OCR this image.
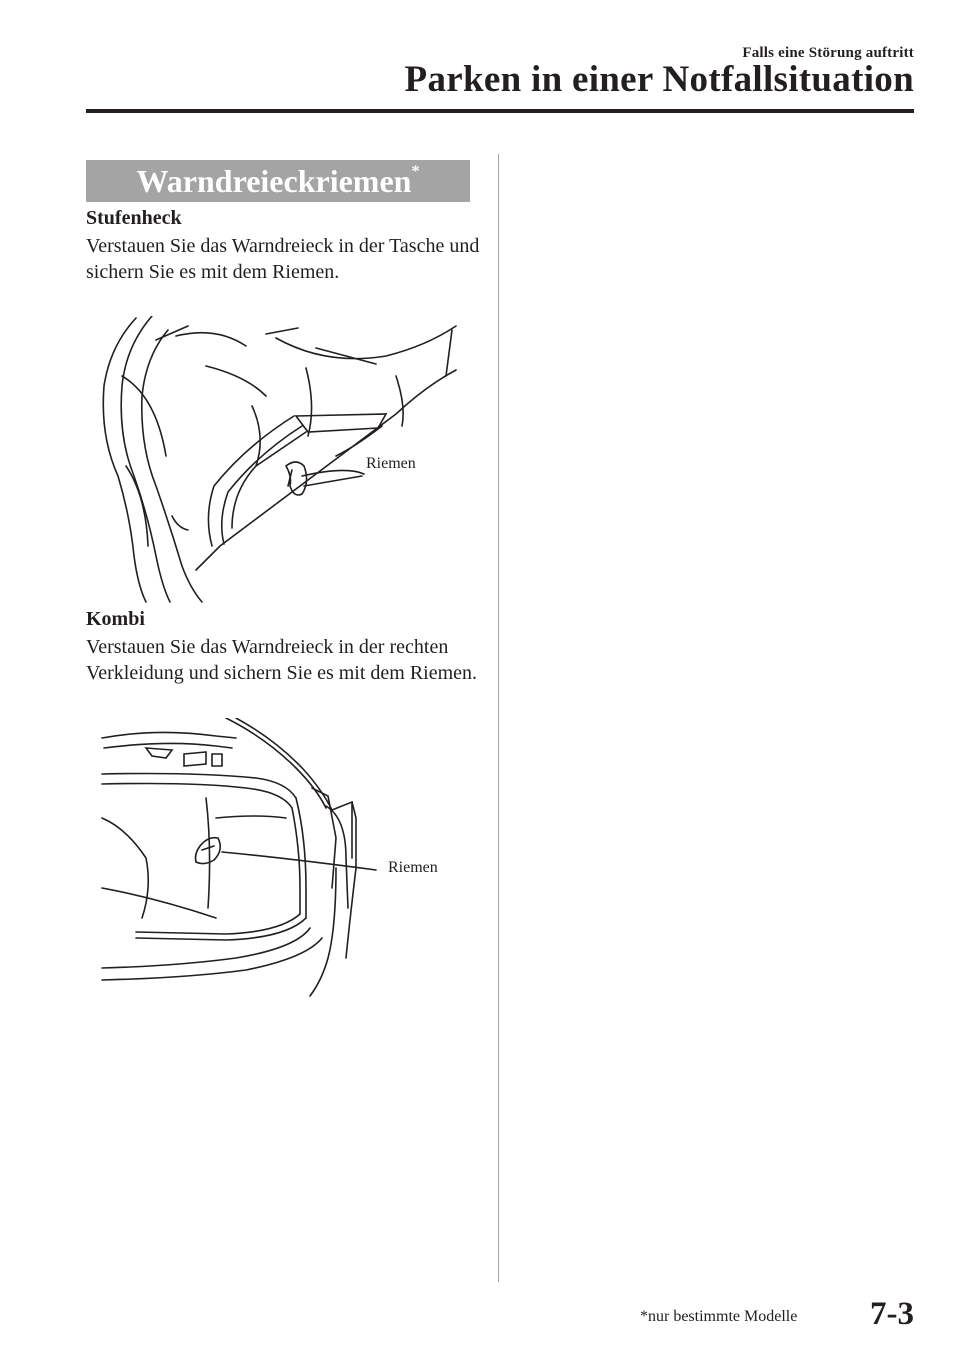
Falls eine Störung auftritt
Parken in einer Notfallsituation
Warndreieckriemen*
Stufenheck

Verstauen Sie das Warndreieck in der Tasche und sichern Sie es mit dem Riemen.

Riemen
Kombi

Verstauen Sie das Warndreieck in der rechten Verkleidung und sichern Sie es mit dem Riemen.

Riemen
*nur bestimmte Modelle 7-3
